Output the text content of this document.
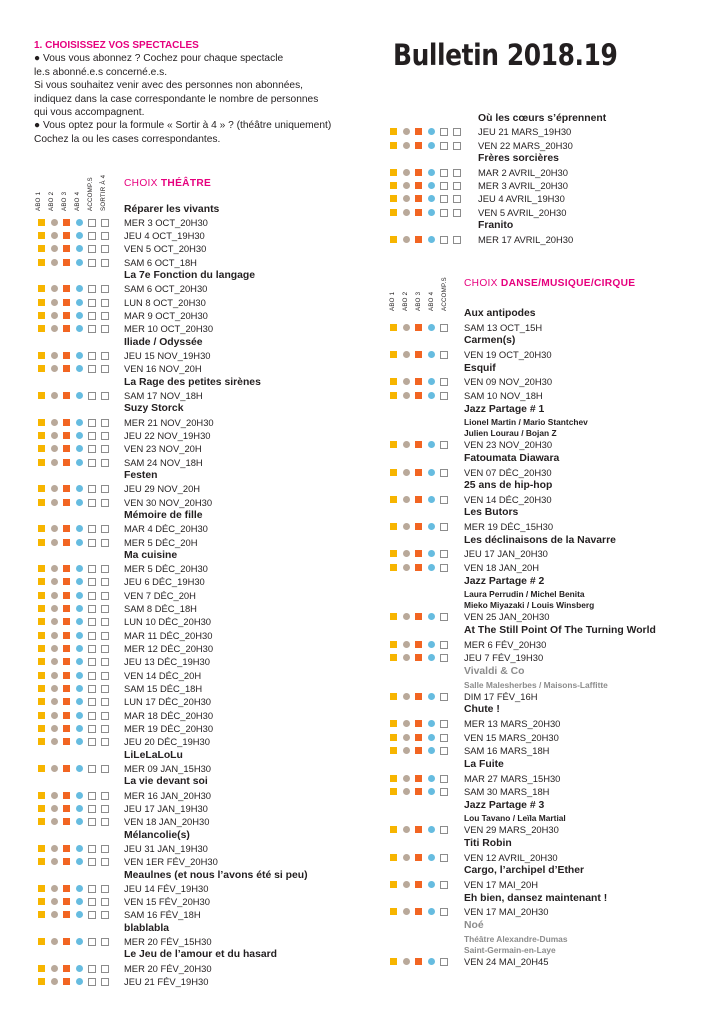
Bulletin 2018.19
1. CHOISISSEZ VOS SPECTACLES
● Vous vous abonnez ? Cochez pour chaque spectacle
le.s abonné.e.s concerné.e.s.
Si vous souhaitez venir avec des personnes non abonnées,
indiquez dans la case correspondante le nombre de personnes
qui vous accompagnent.
● Vous optez pour la formule « Sortir à 4 » ? (théâtre uniquement)
Cochez la ou les cases correspondantes.
CHOIX THÉÂTRE
ABO 1 ABO 2 ABO 3 ABO 4 ACCOMP.S SORTIR À 4
CHOIX DANSE/MUSIQUE/CIRQUE
ABO 1 ABO 2 ABO 3 ABO 4 ACCOMP.S
Réparer les vivants
MER 3 OCT_20H30
JEU 4 OCT_19H30
VEN 5 OCT_20H30
SAM 6 OCT_18H
La 7e Fonction du langage
SAM 6 OCT_20H30
LUN 8 OCT_20H30
MAR 9 OCT_20H30
MER 10 OCT_20H30
Iliade / Odyssée
JEU 15 NOV_19H30
VEN 16 NOV_20H
La Rage des petites sirènes
SAM 17 NOV_18H
Suzy Storck
MER 21 NOV_20H30
JEU 22 NOV_19H30
VEN 23 NOV_20H
SAM 24 NOV_18H
Festen
JEU 29 NOV_20H
VEN 30 NOV_20H30
Mémoire de fille
MAR 4 DÉC_20H30
MER 5 DÉC_20H
Ma cuisine
MER 5 DÉC_20H30
JEU 6 DÉC_19H30
VEN 7 DÉC_20H
SAM 8 DÉC_18H
LUN 10 DÉC_20H30
MAR 11 DÉC_20H30
MER 12 DÉC_20H30
JEU 13 DÉC_19H30
VEN 14 DÉC_20H
SAM 15 DÉC_18H
LUN 17 DÉC_20H30
MAR 18 DÉC_20H30
MER 19 DÉC_20H30
JEU 20 DÉC_19H30
LiLeLaLoLu
MER 09 JAN_15H30
La vie devant soi
MER 16 JAN_20H30
JEU 17 JAN_19H30
VEN 18 JAN_20H30
Mélancolie(s)
JEU 31 JAN_19H30
VEN 1ER FÉV_20H30
Meaulnes (et nous l’avons été si peu)
JEU 14 FÉV_19H30
VEN 15 FÉV_20H30
SAM 16 FÉV_18H
blablabla
MER 20 FÉV_15H30
Le Jeu de l’amour et du hasard
MER 20 FÉV_20H30
JEU 21 FÉV_19H30
Où les cœurs s’éprennent
JEU 21 MARS_19H30
VEN 22 MARS_20H30
Frères sorcières
MAR 2 AVRIL_20H30
MER 3 AVRIL_20H30
JEU 4 AVRIL_19H30
VEN 5 AVRIL_20H30
Franito
MER 17 AVRIL_20H30
Aux antipodes
SAM 13 OCT_15H
Carmen(s)
VEN 19 OCT_20H30
Esquif
VEN 09 NOV_20H30
SAM 10 NOV_18H
Jazz Partage # 1
Lionel Martin / Mario Stantchev
Julien Lourau / Bojan Z
VEN 23 NOV_20H30
Fatoumata Diawara
VEN 07 DÉC_20H30
25 ans de hip-hop
VEN 14 DÉC_20H30
Les Butors
MER 19 DÉC_15H30
Les déclinaisons de la Navarre
JEU 17 JAN_20H30
VEN 18 JAN_20H
Jazz Partage # 2
Laura Perrudin / Michel Benita
Mieko Miyazaki / Louis Winsberg
VEN 25 JAN_20H30
At The Still Point Of The Turning World
MER 6 FÉV_20H30
JEU 7 FÉV_19H30
Vivaldi & Co
Salle Malesherbes / Maisons-Laffitte
DIM 17 FÉV_16H
Chute !
MER 13 MARS_20H30
VEN 15 MARS_20H30
SAM 16 MARS_18H
La Fuite
MAR 27 MARS_15H30
SAM 30 MARS_18H
Jazz Partage # 3
Lou Tavano / Leïla Martial
VEN 29 MARS_20H30
Titi Robin
VEN 12 AVRIL_20H30
Cargo, l’archipel d’Ether
VEN 17 MAI_20H
Eh bien, dansez maintenant !
VEN 17 MAI_20H30
Noé
Théâtre Alexandre-Dumas
Saint-Germain-en-Laye
VEN 24 MAI_20H45
